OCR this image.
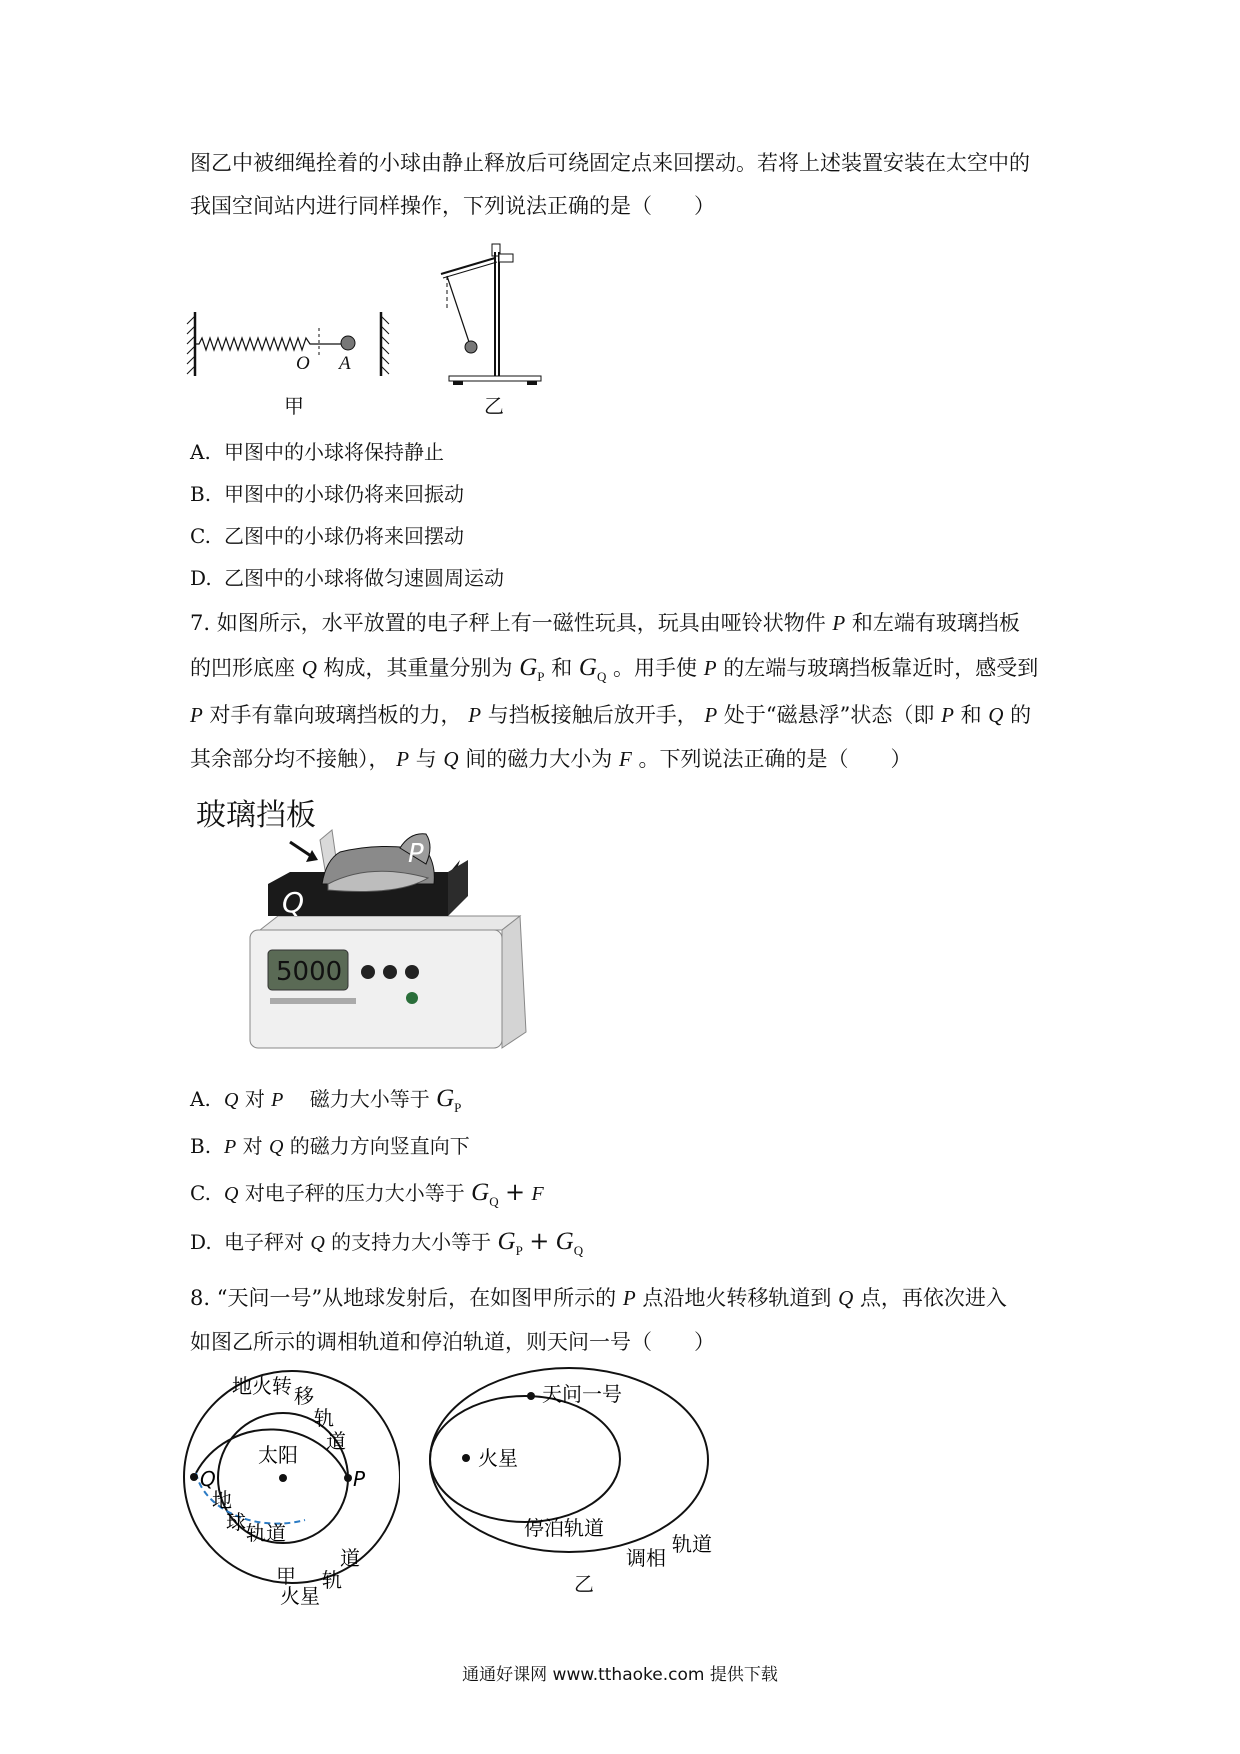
图乙中被细绳拴着的小球由静止释放后可绕固定点来回摆动。若将上述装置安装在太空中的
我国空间站内进行同样操作，下列说法正确的是（　　）
O A
甲	乙
A. 甲图中的小球将保持静止
B. 甲图中的小球仍将来回振动
C. 乙图中的小球仍将来回摆动
D. 乙图中的小球将做匀速圆周运动
7. 如图所示，水平放置的电子秤上有一磁性玩具，玩具由哑铃状物件 P 和左端有玻璃挡板
的凹形底座 Q 构成，其重量分别为 $G_P$ 和 $G_Q$ 。用手使 P 的左端与玻璃挡板靠近时，感受到
P 对手有靠向玻璃挡板的力， P 与挡板接触后放开手， P 处于“磁悬浮”状态（即 P 和 Q 的
其余部分均不接触）， P 与 Q 间的磁力大小为 F 。下列说法正确的是（　　）
玻璃挡板
5000
P
Q
A. Q 对 P 　磁力大小等于 $G_P$
B. P 对 Q 的磁力方向竖直向下
C. Q 对电子秤的压力大小等于 $G_Q + F$
D. 电子秤对 Q 的支持力大小等于 $G_P + G_Q$
8. “天问一号”从地球发射后，在如图甲所示的 P 点沿地火转移轨道到 Q 点，再依次进入
如图乙所示的调相轨道和停泊轨道，则天问一号（　　）
太阳
地火转 移
轨
道
地
球 轨道
道
轨
火星
P
Q
天问一号
火星
停泊轨道
调相
轨道
甲	乙
通通好课网 www.tthaoke.com 提供下载
